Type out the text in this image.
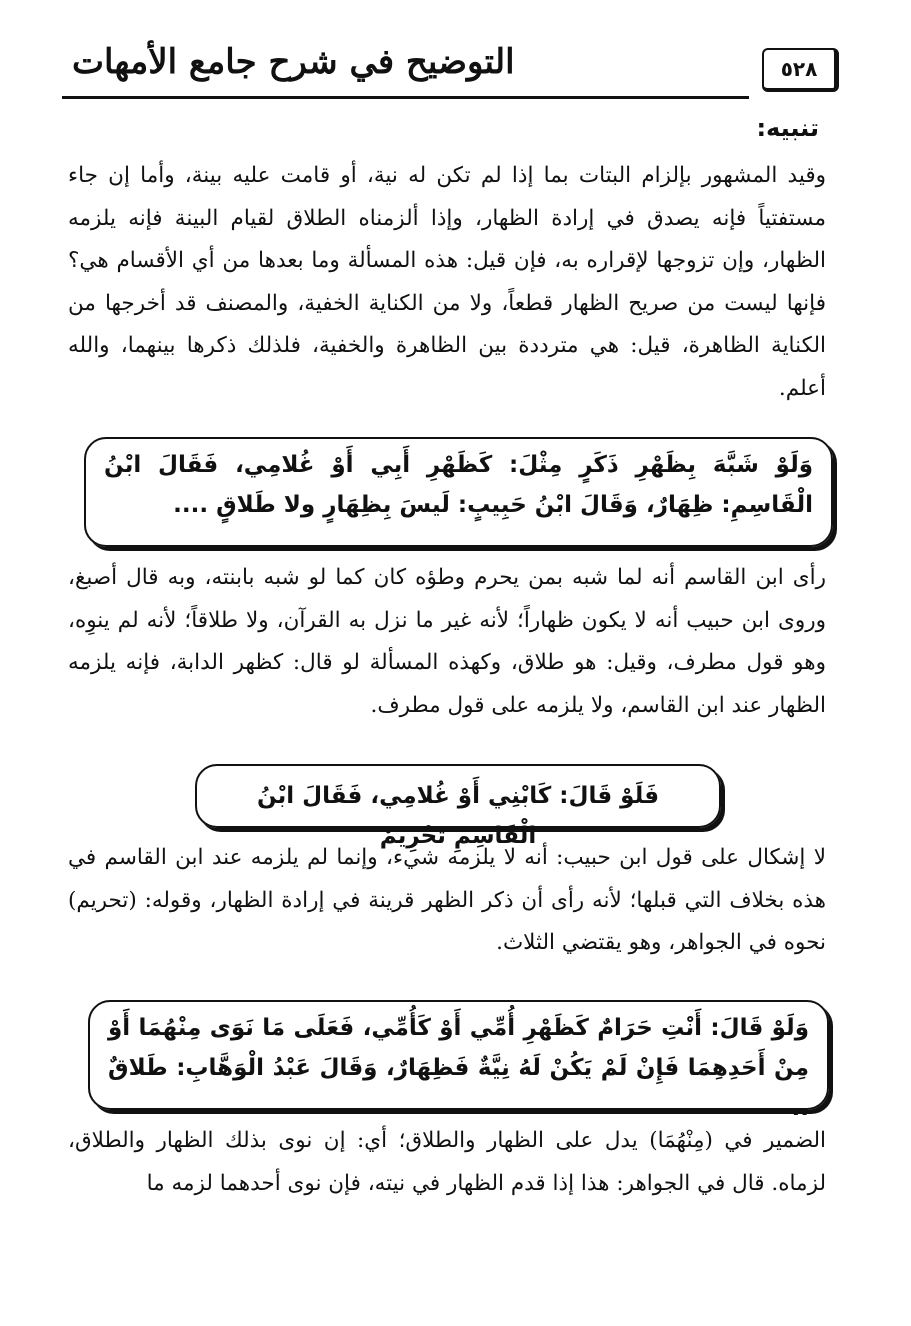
٥٢٨
التوضيح في شرح جامع الأمهات
تنبيه:

وقيد المشهور بإلزام البتات بما إذا لم تكن له نية، أو قامت عليه بينة، وأما إن جاء مستفتياً فإنه يصدق في إرادة الظهار، وإذا ألزمناه الطلاق لقيام البينة فإنه يلزمه الظهار، وإن تزوجها لإقراره به، فإن قيل: هذه المسألة وما بعدها من أي الأقسام هي؟ فإنها ليست من صريح الظهار قطعاً، ولا من الكناية الخفية، والمصنف قد أخرجها من الكناية الظاهرة، قيل: هي مترددة بين الظاهرة والخفية، فلذلك ذكرها بينهما، والله أعلم.

وَلَوْ شَبَّهَ بِظَهْرِ ذَكَرٍ مِثْلَ: كَظَهْرِ أَبِي أَوْ غُلامِي، فَقَالَ ابْنُ الْقَاسِمِ: ظِهَارٌ، وَقَالَ ابْنُ حَبِيبٍ: لَيسَ بِظِهَارٍ ولا طَلاقٍ ....

رأى ابن القاسم أنه لما شبه بمن يحرم وطؤه كان كما لو شبه بابنته، وبه قال أصبغ، وروى ابن حبيب أنه لا يكون ظهاراً؛ لأنه غير ما نزل به القرآن، ولا طلاقاً؛ لأنه لم ينوِه، وهو قول مطرف، وقيل: هو طلاق، وكهذه المسألة لو قال: كظهر الدابة، فإنه يلزمه الظهار عند ابن القاسم، ولا يلزمه على قول مطرف.

فَلَوْ قَالَ: كَابْنِي أَوْ غُلامِي، فَقَالَ ابْنُ الْقَاسِمِ تَحْرِيمٌ

لا إشكال على قول ابن حبيب: أنه لا يلزمه شيء، وإنما لم يلزمه عند ابن القاسم في هذه بخلاف التي قبلها؛ لأنه رأى أن ذكر الظهر قرينة في إرادة الظهار، وقوله: (تحريم) نحوه في الجواهر، وهو يقتضي الثلاث.

وَلَوْ قَالَ: أَنْتِ حَرَامٌ كَظَهْرِ أُمِّي أَوْ كَأُمِّي، فَعَلَى مَا نَوَى مِنْهُمَا أَوْ مِنْ أَحَدِهِمَا فَإِنْ لَمْ يَكُنْ لَهُ نِيَّةٌ فَظِهَارٌ، وَقَالَ عَبْدُ الْوَهَّابِ: طَلاقٌ ..

الضمير في (مِنْهُمَا) يدل على الظهار والطلاق؛ أي: إن نوى بذلك الظهار والطلاق، لزماه. قال في الجواهر: هذا إذا قدم الظهار في نيته، فإن نوى أحدهما لزمه ما
